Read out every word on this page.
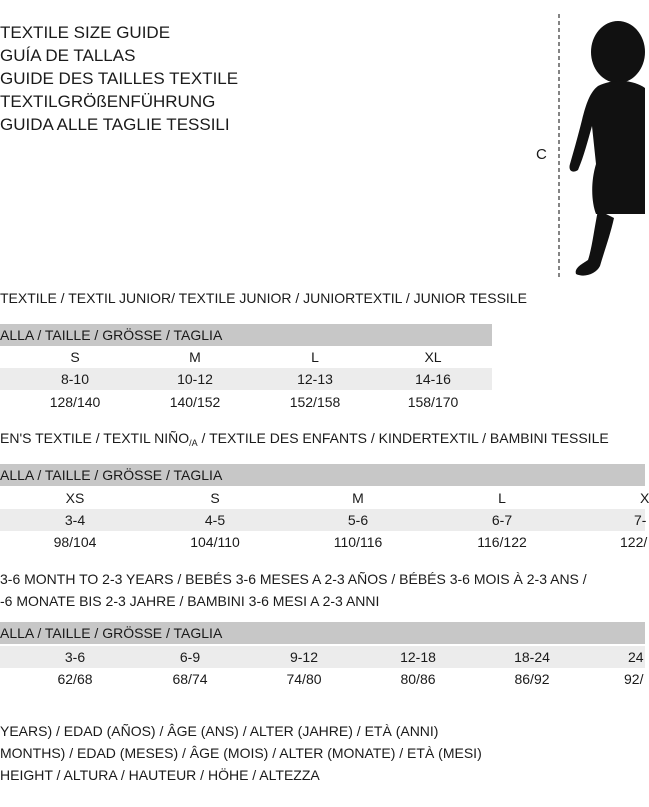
TEXTILE SIZE GUIDE
GUÍA DE TALLAS
GUIDE DES TAILLES TEXTILE
TEXTILGRÖßENFÜHRUNG
GUIDA ALLE TAGLIE TESSILI
C
TEXTILE / TEXTIL JUNIOR/ TEXTILE JUNIOR / JUNIORTEXTIL / JUNIOR TESSILE
ALLA / TAILLE / GRÖSSE / TAGLIA
S	M	L	XL
8-10	10-12	12-13	14-16
128/140	140/152	152/158	158/170
EN'S TEXTILE / TEXTIL $NIÑO_{/A}$ / TEXTILE DES ENFANTS / KINDERTEXTIL / BAMBINI TESSILE
ALLA / TAILLE / GRÖSSE / TAGLIA
XS	S	M	L	X
3-4	4-5	5-6	6-7	7-
98/104	104/110	110/116	116/122	122/
3-6 MONTH TO 2-3 YEARS / BEBÉS 3-6 MESES A 2-3 AÑOS / BÉBÉS 3-6 MOIS À 2-3 ANS /
-6 MONATE BIS 2-3 JAHRE / BAMBINI 3-6 MESI A 2-3 ANNI
ALLA / TAILLE / GRÖSSE / TAGLIA
3-6	6-9	9-12	12-18	18-24	24
62/68	68/74	74/80	80/86	86/92	92/
YEARS) / EDAD (AÑOS) / ÂGE (ANS) / ALTER (JAHRE) / ETÀ (ANNI)
MONTHS) / EDAD (MESES) / ÂGE (MOIS) / ALTER (MONATE) / ETÀ (MESI)
HEIGHT / ALTURA / HAUTEUR / HÖHE / ALTEZZA
